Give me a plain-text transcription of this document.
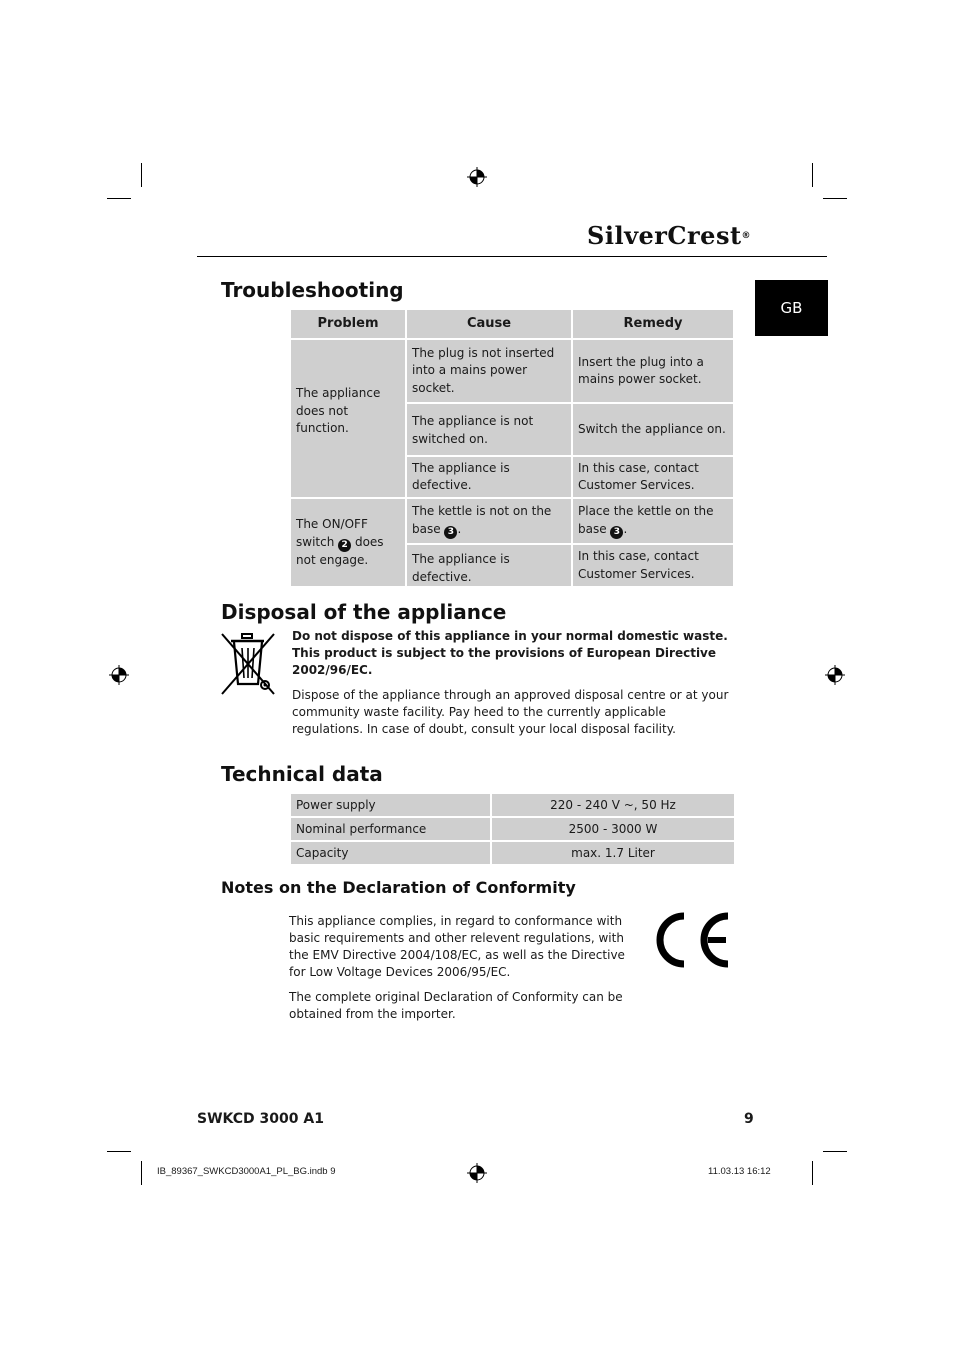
SilverCrest®
GB
Troubleshooting
Problem	Cause	Remedy
The appliance does not function.	The plug is not inserted into a mains power socket.	Insert the plug into a mains power socket.
	The appliance is not switched on.	Switch the appliance on.
	The appliance is defective.	In this case, contact Customer Services.
The ON/OFF switch 2 does not engage.	The kettle is not on the base 3 .	Place the kettle on the base 3 .
	The appliance is defective.	In this case, contact Customer Services.
Disposal of the appliance
Do not dispose of this appliance in your normal domestic waste. This product is subject to the provisions of European Directive 2002/96/EC.
Dispose of the appliance through an approved disposal centre or at your community waste facility. Pay heed to the currently applicable regulations. In case of doubt, consult your local disposal facility.
Technical data
Power supply	220 - 240 V ~, 50 Hz
Nominal performance	2500 - 3000 W
Capacity	max. 1.7 Liter
Notes on the Declaration of Conformity
This appliance complies, in regard to conformance with basic requirements and other relevent regulations, with the EMV Directive 2004/108/EC, as well as the Directive for Low Voltage Devices 2006/95/EC.
The complete original Declaration of Conformity can be obtained from the importer.
SWKCD 3000 A1	9
IB_89367_SWKCD3000A1_PL_BG.indb 9	11.03.13 16:12
